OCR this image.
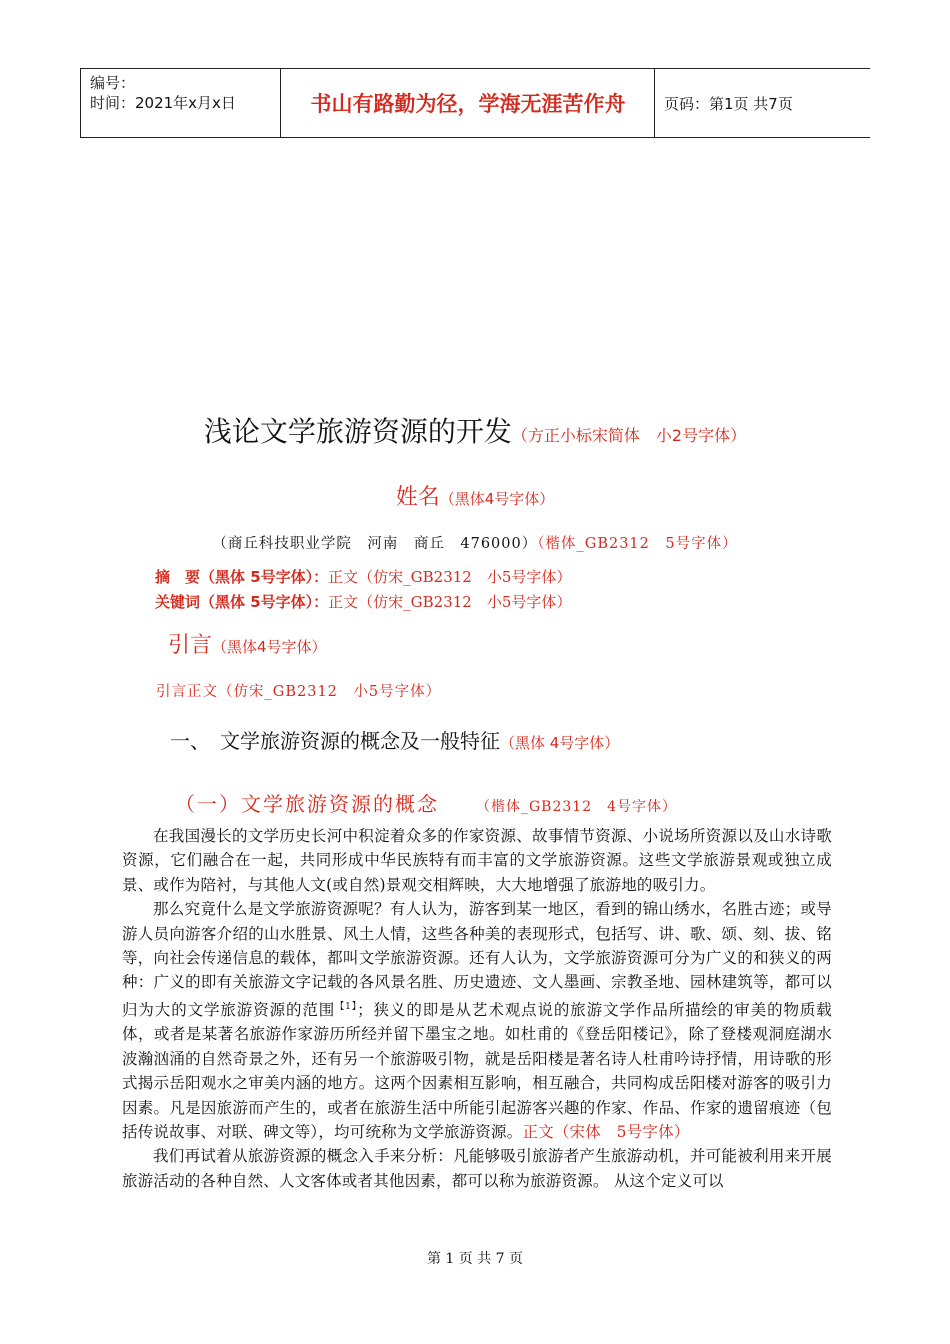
编号：
时间：2021年x月x日	书山有路勤为径，学海无涯苦作舟	页码：第1页 共7页
浅论文学旅游资源的开发（方正小标宋简体　小2号字体）
姓名（黑体4号字体）
（商丘科技职业学院　河南　商丘　476000）（楷体_GB2312　5号字体）
摘　要（黑体 5号字体）：正文（仿宋_GB2312　小5号字体）
关键词（黑体 5号字体）：正文（仿宋_GB2312　小5号字体）
引言（黑体4号字体）
引言正文（仿宋_GB2312　小5号字体）
一、　文学旅游资源的概念及一般特征（黑体 4号字体）
（一）文学旅游资源的概念　　	（楷体_GB2312　4号字体）

在我国漫长的文学历史长河中积淀着众多的作家资源、故事情节资源、小说场所资源以及山水诗歌资源，它们融合在一起，共同形成中华民族特有而丰富的文学旅游资源。这些文学旅游景观或独立成景、或作为陪衬，与其他人文(或自然)景观交相辉映，大大地增强了旅游地的吸引力。

那么究竟什么是文学旅游资源呢？有人认为，游客到某一地区，看到的锦山绣水，名胜古迹；或导游人员向游客介绍的山水胜景、风土人情，这些各种美的表现形式，包括写、讲、歌、颂、刻、拔、铭等，向社会传递信息的载体，都叫文学旅游资源。还有人认为，文学旅游资源可分为广义的和狭义的两种：广义的即有关旅游文字记载的各风景名胜、历史遗迹、文人墨画、宗教圣地、园林建筑等，都可以归为大的文学旅游资源的范围$^{【1】}$；狭义的即是从艺术观点说的旅游文学作品所描绘的审美的物质载体，或者是某著名旅游作家游历所经并留下墨宝之地。如杜甫的《登岳阳楼记》，除了登楼观洞庭湖水波瀚汹涌的自然奇景之外，还有另一个旅游吸引物，就是岳阳楼是著名诗人杜甫吟诗抒情，用诗歌的形式揭示岳阳观水之审美内涵的地方。这两个因素相互影响，相互融合，共同构成岳阳楼对游客的吸引力因素。凡是因旅游而产生的，或者在旅游生活中所能引起游客兴趣的作家、作品、作家的遗留痕迹（包括传说故事、对联、碑文等），均可统称为文学旅游资源。正文（宋体　5号字体）

我们再试着从旅游资源的概念入手来分析：凡能够吸引旅游者产生旅游动机，并可能被利用来开展旅游活动的各种自然、人文客体或者其他因素，都可以称为旅游资源。 从这个定义可以

第 1 页 共 7 页
